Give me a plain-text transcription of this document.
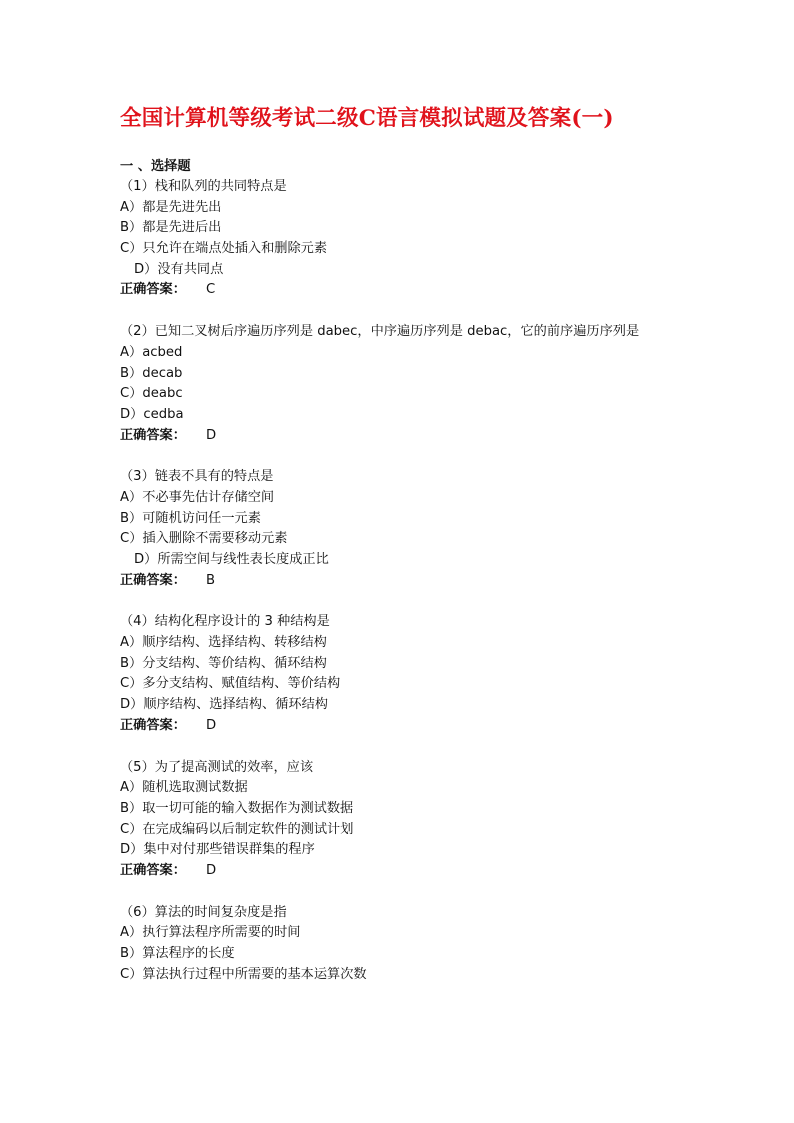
全国计算机等级考试二级C语言模拟试题及答案(一)
一 、选择题
（1）栈和队列的共同特点是
A）都是先进先出
B）都是先进后出
C）只允许在端点处插入和删除元素
D）没有共同点
正确答案： C
（2）已知二叉树后序遍历序列是 dabec，中序遍历序列是 debac，它的前序遍历序列是
A）acbed
B）decab
C）deabc
D）cedba
正确答案： D
（3）链表不具有的特点是
A）不必事先估计存储空间
B）可随机访问任一元素
C）插入删除不需要移动元素
D）所需空间与线性表长度成正比
正确答案： B
（4）结构化程序设计的 3 种结构是
A）顺序结构、选择结构、转移结构
B）分支结构、等价结构、循环结构
C）多分支结构、赋值结构、等价结构
D）顺序结构、选择结构、循环结构
正确答案： D
（5）为了提高测试的效率，应该
A）随机选取测试数据
B）取一切可能的输入数据作为测试数据
C）在完成编码以后制定软件的测试计划
D）集中对付那些错误群集的程序
正确答案： D
（6）算法的时间复杂度是指
A）执行算法程序所需要的时间
B）算法程序的长度
C）算法执行过程中所需要的基本运算次数
